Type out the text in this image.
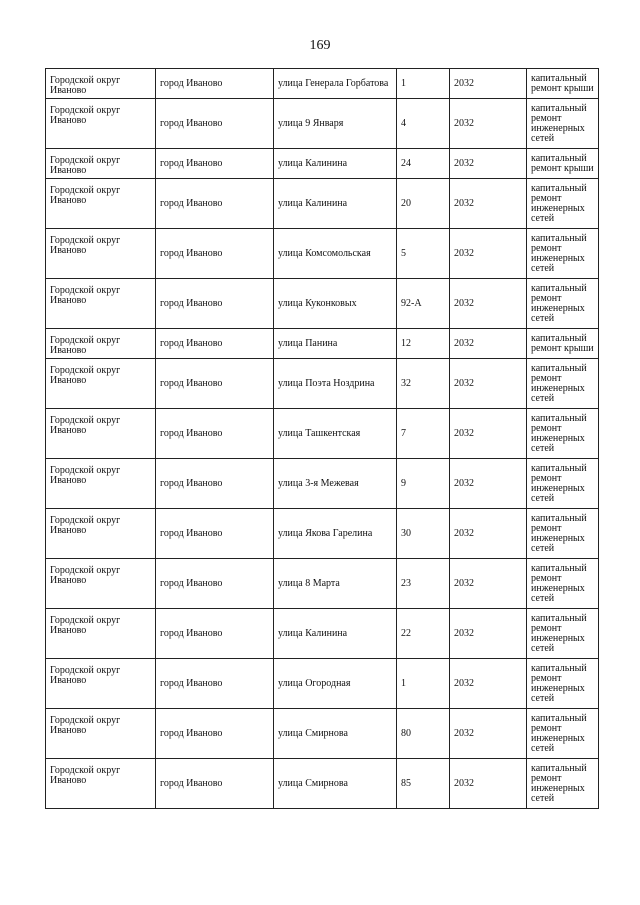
169
Городской округ Иваново	город Иваново	улица Генерала Горбатова	1	2032	капитальный ремонт крыши
Городской округ Иваново	город Иваново	улица 9 Января	4	2032	капитальный ремонт инженерных сетей
Городской округ Иваново	город Иваново	улица Калинина	24	2032	капитальный ремонт крыши
Городской округ Иваново	город Иваново	улица Калинина	20	2032	капитальный ремонт инженерных сетей
Городской округ Иваново	город Иваново	улица Комсомольская	5	2032	капитальный ремонт инженерных сетей
Городской округ Иваново	город Иваново	улица Куконковых	92-А	2032	капитальный ремонт инженерных сетей
Городской округ Иваново	город Иваново	улица Панина	12	2032	капитальный ремонт крыши
Городской округ Иваново	город Иваново	улица Поэта Ноздрина	32	2032	капитальный ремонт инженерных сетей
Городской округ Иваново	город Иваново	улица Ташкентская	7	2032	капитальный ремонт инженерных сетей
Городской округ Иваново	город Иваново	улица 3-я Межевая	9	2032	капитальный ремонт инженерных сетей
Городской округ Иваново	город Иваново	улица Якова Гарелина	30	2032	капитальный ремонт инженерных сетей
Городской округ Иваново	город Иваново	улица 8 Марта	23	2032	капитальный ремонт инженерных сетей
Городской округ Иваново	город Иваново	улица Калинина	22	2032	капитальный ремонт инженерных сетей
Городской округ Иваново	город Иваново	улица Огородная	1	2032	капитальный ремонт инженерных сетей
Городской округ Иваново	город Иваново	улица Смирнова	80	2032	капитальный ремонт инженерных сетей
Городской округ Иваново	город Иваново	улица Смирнова	85	2032	капитальный ремонт инженерных сетей
